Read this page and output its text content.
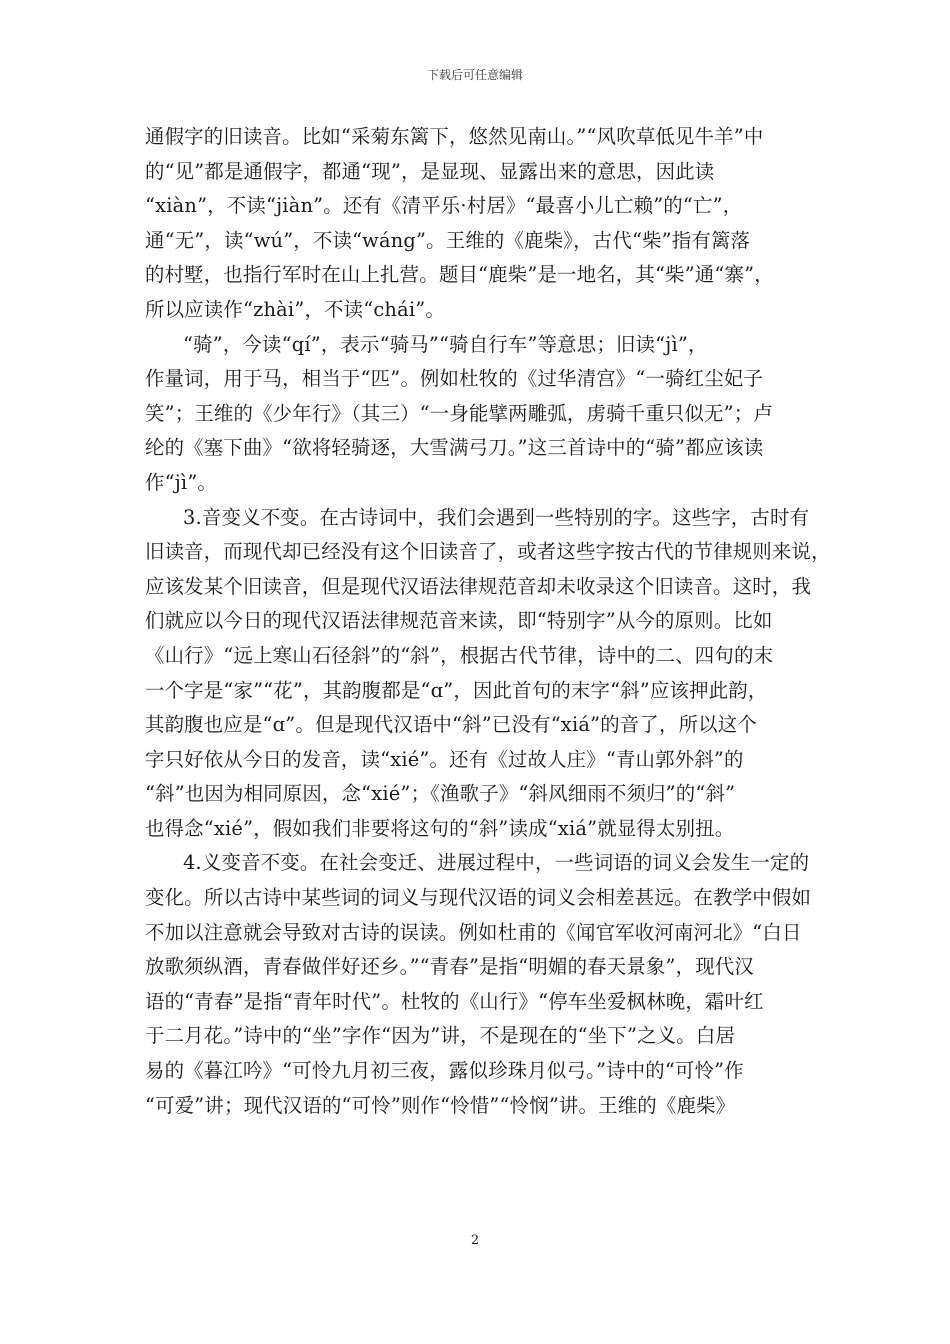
下载后可任意编辑
通假字的旧读音。比如“采菊东篱下，悠然见南山。”“风吹草低见牛羊”中
的“见”都是通假字，都通“现”，是显现、显露出来的意思，因此读
“xiàn”，不读“jiàn”。还有《清平乐·村居》“最喜小儿亡赖”的“亡”，
通“无”，读“wú”，不读“wáng”。王维的《鹿柴》，古代“柴”指有篱落
的村墅，也指行军时在山上扎营。题目“鹿柴”是一地名，其“柴”通“寨”，
所以应读作“zhài”，不读“chái”。
“骑”，今读“qí”，表示“骑马”“骑自行车”等意思；旧读“jì”，
作量词，用于马，相当于“匹”。例如杜牧的《过华清宫》“一骑红尘妃子
笑”；王维的《少年行》（其三）“一身能擘两雕弧，虏骑千重只似无”；卢
纶的《塞下曲》“欲将轻骑逐，大雪满弓刀。”这三首诗中的“骑”都应该读
作“jì”。
3.音变义不变。在古诗词中，我们会遇到一些特别的字。这些字，古时有
旧读音，而现代却已经没有这个旧读音了，或者这些字按古代的节律规则来说，
应该发某个旧读音，但是现代汉语法律规范音却未收录这个旧读音。这时，我
们就应以今日的现代汉语法律规范音来读，即“特别字”从今的原则。比如
《山行》“远上寒山石径斜”的“斜”，根据古代节律，诗中的二、四句的末
一个字是“家”“花”，其韵腹都是“ɑ”，因此首句的末字“斜”应该押此韵，
其韵腹也应是“ɑ”。但是现代汉语中“斜”已没有“xiá”的音了，所以这个
字只好依从今日的发音，读“xié”。还有《过故人庄》“青山郭外斜”的
“斜”也因为相同原因，念“xié”；《渔歌子》“斜风细雨不须归”的“斜”
也得念“xié”，假如我们非要将这句的“斜”读成“xiá”就显得太别扭。
4.义变音不变。在社会变迁、进展过程中，一些词语的词义会发生一定的
变化。所以古诗中某些词的词义与现代汉语的词义会相差甚远。在教学中假如
不加以注意就会导致对古诗的误读。例如杜甫的《闻官军收河南河北》“白日
放歌须纵酒，青春做伴好还乡。”“青春”是指“明媚的春天景象”，现代汉
语的“青春”是指“青年时代”。杜牧的《山行》“停车坐爱枫林晚，霜叶红
于二月花。”诗中的“坐”字作“因为”讲，不是现在的“坐下”之义。白居
易的《暮江吟》“可怜九月初三夜，露似珍珠月似弓。”诗中的“可怜”作
“可爱”讲；现代汉语的“可怜”则作“怜惜”“怜悯”讲。王维的《鹿柴》
2
